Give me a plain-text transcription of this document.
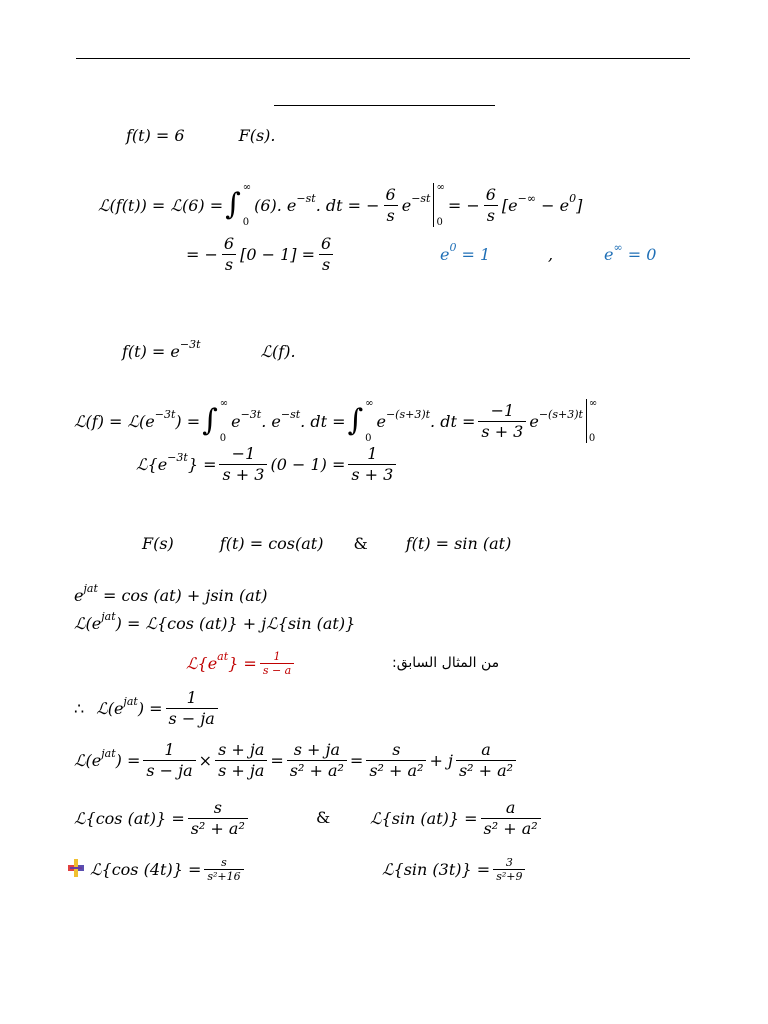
f(t) = 6	F(s).
ℒ(f(t)) = ℒ(6) = ∫ ∞
0
(6). $e^{-st}$ . dt = − $\frac{6}{s} e^{-st}$
∞
0
= − $\frac{6}{s} [e^{-\infty} - e^0$ ]
= − $\frac{6}{s} [0 - 1] = \frac{6}{s}$	$e^0 = 1$	,	e∞ = 0
$f(t) = e^{-3t}$	ℒ(f).
ℒ(f) = $ℒ(e^{-3t}$ ) = ∫ ∞
0
$e^{-3t}$ . $e^{-st}$ . dt = ∫ ∞
0
$e^{-(s+3)t}$ . dt = $\frac{-1}{s + 3} e^{-(s+3)t}$
∞
0
$ℒ\{e^{-3t}$ } = $\frac{-1}{s + 3} (0 - 1) = \frac{1}{s + 3}$
F(s)	f(t) = cos(at) & f(t) = sin (at)
$e^{jat} = \cos (at) + jsin$ (at)
$ℒ(e^{jat}$ ) = ℒ{cos (at)} + jℒ{sin (at)}
$ℒ\{e^{at}$ } = $\frac{1}{s - a}$	من المثال السابق:
∴ $ℒ(e^{jat}$ ) = $\frac{1}{s - ja}$
$ℒ(e^{jat}$ ) = $\frac{1}{s - ja} \times \frac{s + ja}{s + ja} = \frac{s + ja}{\text{s² + a²}} = \frac{s}{\text{s² + a²}} + j \frac{a}{\text{s² + a²}}$
ℒ{cos $(at)\} = \frac{s}{\text{s² + a²}}$	& ℒ{sin $(at)\} = \frac{a}{\text{s² + a²}}$
ℒ{cos $(4t)\} = \frac{s}{\text{s²+16}}$	ℒ{sin $(3t)\} = \frac{3}{\text{s²+9}}$
